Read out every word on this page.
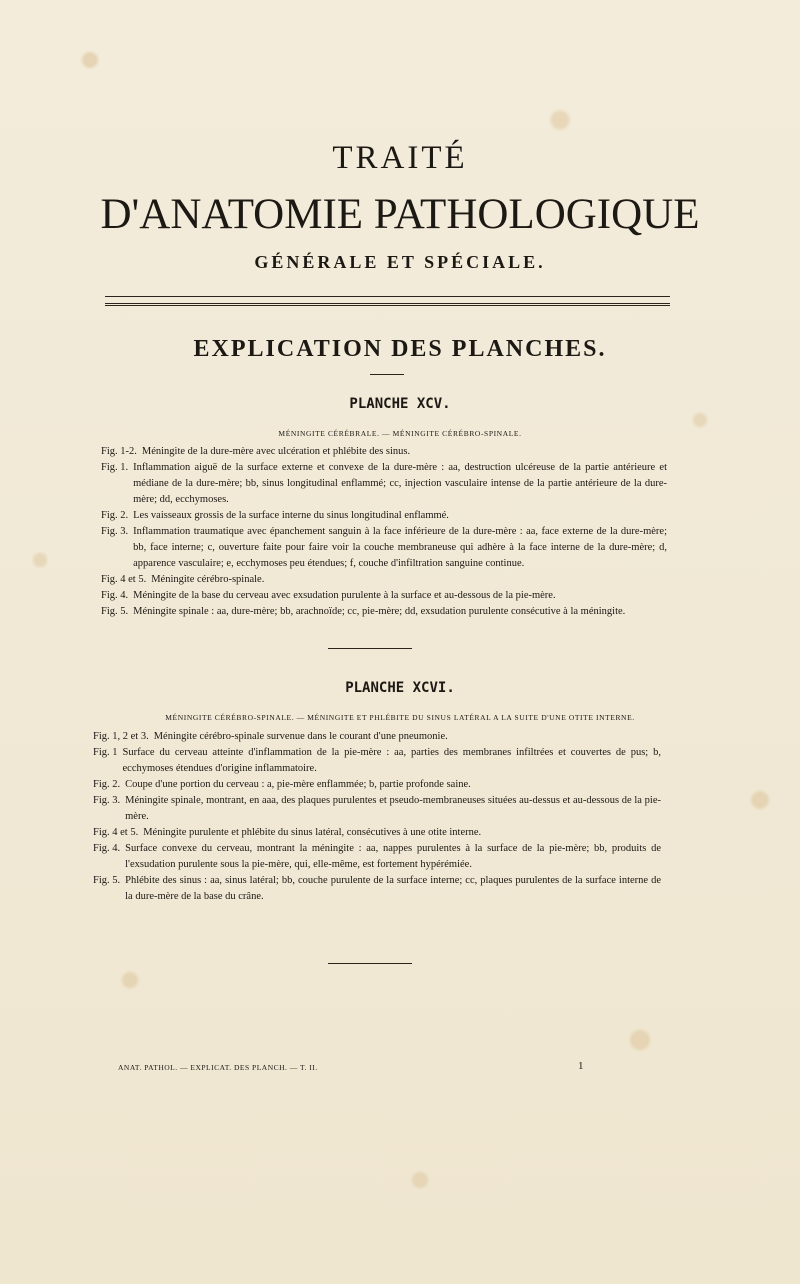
TRAITÉ
D'ANATOMIE PATHOLOGIQUE
GÉNÉRALE ET SPÉCIALE.
EXPLICATION DES PLANCHES.
PLANCHE XCV.
MÉNINGITE CÉRÉBRALE. — MÉNINGITE CÉRÉBRO-SPINALE.
Fig. 1-2. Méningite de la dure-mère avec ulcération et phlébite des sinus.
Fig. 1. Inflammation aiguë de la surface externe et convexe de la dure-mère : aa, destruction ulcéreuse de la partie antérieure et médiane de la dure-mère; bb, sinus longitudinal enflammé; cc, injection vasculaire intense de la partie antérieure de la dure-mère; dd, ecchymoses.
Fig. 2. Les vaisseaux grossis de la surface interne du sinus longitudinal enflammé.
Fig. 3. Inflammation traumatique avec épanchement sanguin à la face inférieure de la dure-mère : aa, face externe de la dure-mère; bb, face interne; c, ouverture faite pour faire voir la couche membraneuse qui adhère à la face interne de la dure-mère; d, apparence vasculaire; e, ecchymoses peu étendues; f, couche d'infiltration sanguine continue.
Fig. 4 et 5. Méningite cérébro-spinale.
Fig. 4. Méningite de la base du cerveau avec exsudation purulente à la surface et au-dessous de la pie-mère.
Fig. 5. Méningite spinale : aa, dure-mère; bb, arachnoïde; cc, pie-mère; dd, exsudation purulente consécutive à la méningite.
PLANCHE XCVI.
MÉNINGITE CÉRÉBRO-SPINALE. — MÉNINGITE ET PHLÉBITE DU SINUS LATÉRAL A LA SUITE D'UNE OTITE INTERNE.
Fig. 1, 2 et 3. Méningite cérébro-spinale survenue dans le courant d'une pneumonie.
Fig. 1 Surface du cerveau atteinte d'inflammation de la pie-mère : aa, parties des membranes infiltrées et couvertes de pus; b, ecchymoses étendues d'origine inflammatoire.
Fig. 2. Coupe d'une portion du cerveau : a, pie-mère enflammée; b, partie profonde saine.
Fig. 3. Méningite spinale, montrant, en aaa, des plaques purulentes et pseudo-membraneuses situées au-dessus et au-dessous de la pie-mère.
Fig. 4 et 5. Méningite purulente et phlébite du sinus latéral, consécutives à une otite interne.
Fig. 4. Surface convexe du cerveau, montrant la méningite : aa, nappes purulentes à la surface de la pie-mère; bb, produits de l'exsudation purulente sous la pie-mère, qui, elle-même, est fortement hypérémiée.
Fig. 5. Phlébite des sinus : aa, sinus latéral; bb, couche purulente de la surface interne; cc, plaques purulentes de la surface interne de la dure-mère de la base du crâne.
ANAT. PATHOL. — EXPLICAT. DES PLANCH. — T. II.	1
